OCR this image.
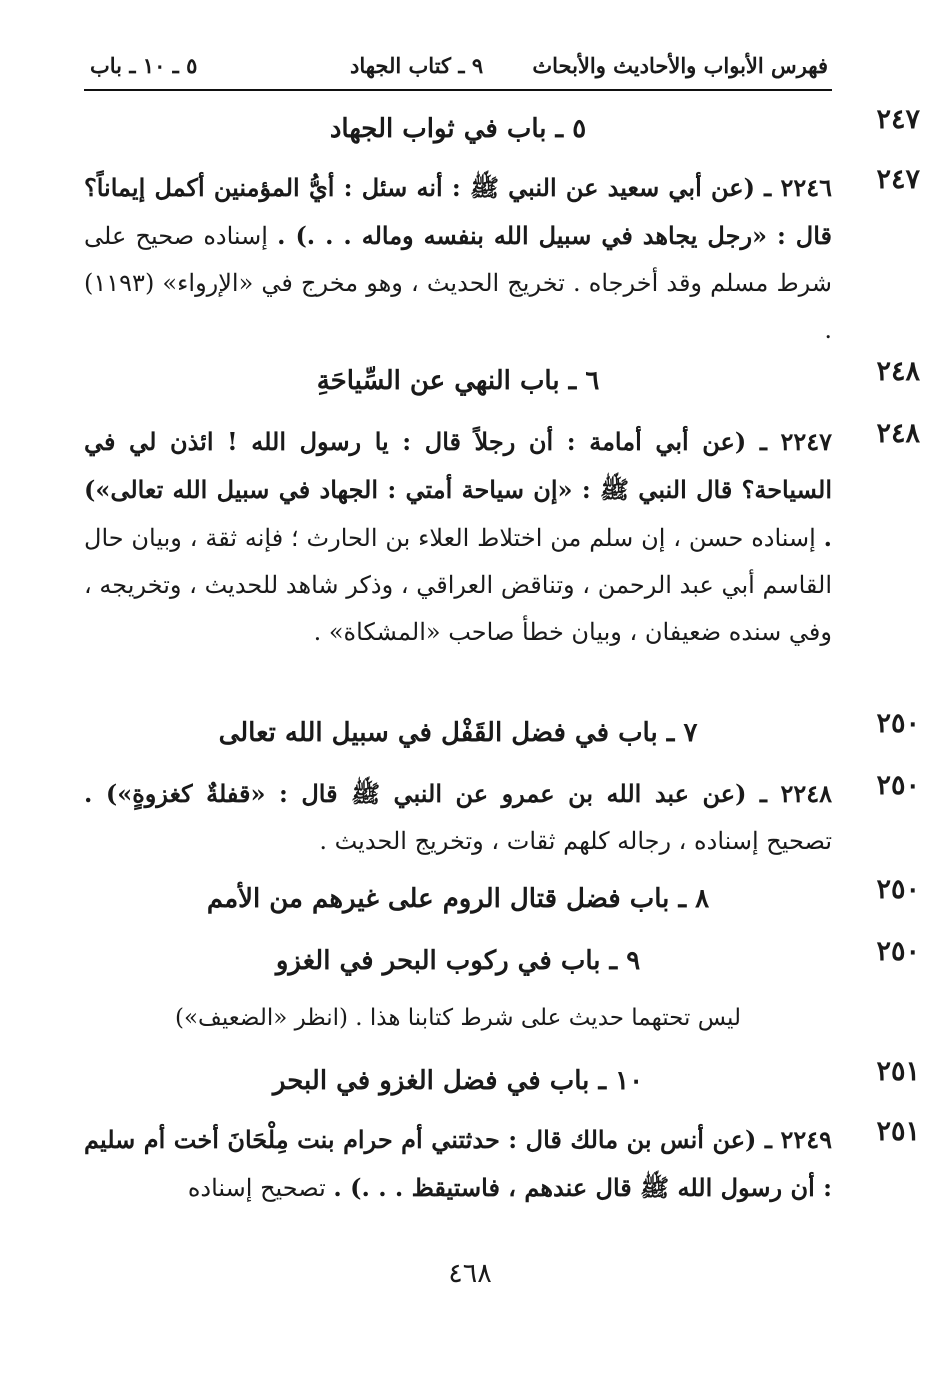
فهرس الأبواب والأحاديث والأبحاث
٩ ـ كتاب الجهاد
٥ ـ ١٠ ـ باب
٢٤٧
٥ ـ باب في ثواب الجهاد
٢٤٧
٢٢٤٦ ـ (عن أبي سعيد عن النبي ﷺ : أنه سئل : أيُّ المؤمنين أكمل إيماناً؟ قال : «رجل يجاهد في سبيل الله بنفسه وماله . . .) . إسناده صحيح على شرط مسلم وقد أخرجاه . تخريج الحديث ، وهو مخرج في «الإرواء» (١١٩٣) .
٢٤٨
٦ ـ باب النهي عن السِّياحَةِ
٢٤٨
٢٢٤٧ ـ (عن أبي أمامة : أن رجلاً قال : يا رسول الله ! ائذن لي في السياحة؟ قال النبي ﷺ : «إن سياحة أمتي : الجهاد في سبيل الله تعالى») . إسناده حسن ، إن سلم من اختلاط العلاء بن الحارث ؛ فإنه ثقة ، وبيان حال القاسم أبي عبد الرحمن ، وتناقض العراقي ، وذكر شاهد للحديث ، وتخريجه ، وفي سنده ضعيفان ، وبيان خطأ صاحب «المشكاة» .
٢٥٠
٧ ـ باب في فضل القَفْل في سبيل الله تعالى
٢٥٠
٢٢٤٨ ـ (عن عبد الله بن عمرو عن النبي ﷺ قال : «قفلةٌ كغزوةٍ») . تصحيح إسناده ، رجاله كلهم ثقات ، وتخريج الحديث .
٢٥٠
٨ ـ باب فضل قتال الروم على غيرهم من الأمم
٢٥٠
٩ ـ باب في ركوب البحر في الغزو
ليس تحتهما حديث على شرط كتابنا هذا . (انظر «الضعيف»)
٢٥١
١٠ ـ باب في فضل الغزو في البحر
٢٥١
٢٢٤٩ ـ (عن أنس بن مالك قال : حدثتني أم حرام بنت مِلْحَانَ أخت أم سليم : أن رسول الله ﷺ قال عندهم ، فاستيقظ . . .) . تصحيح إسناده
٤٦٨
